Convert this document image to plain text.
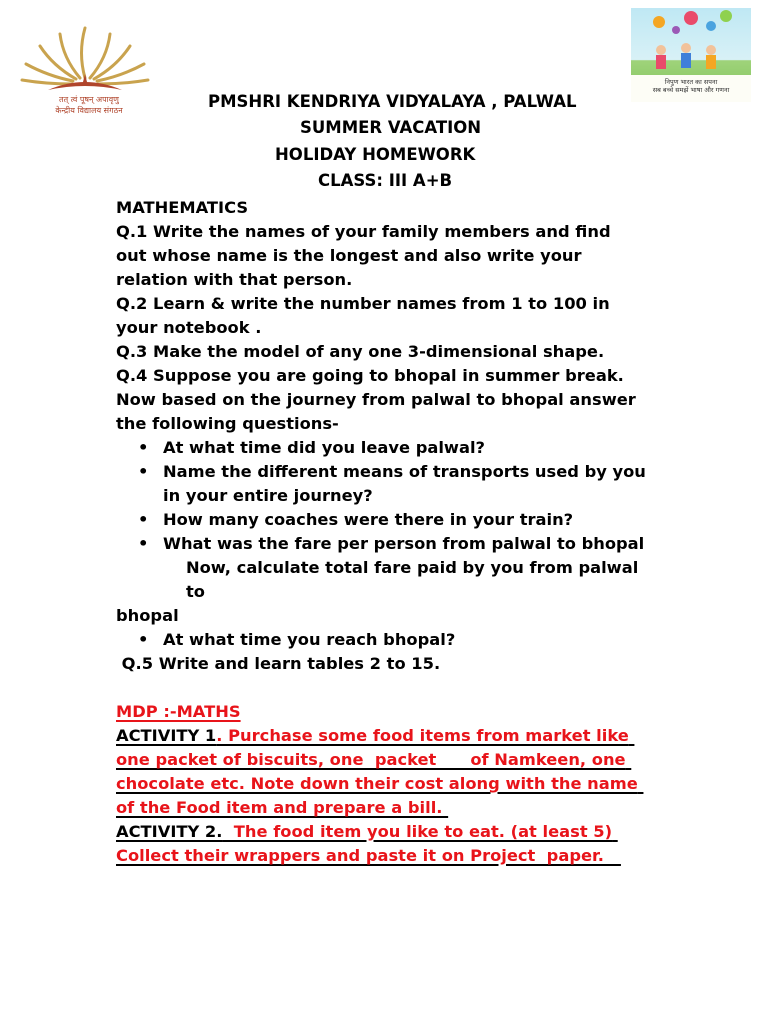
तत् त्वं पूषन् अपावृणु
केन्द्रीय विद्यालय संगठन
निपुण भारत का सपना
सब बच्चे समझें भाषा और गणना
PMSHRI KENDRIYA VIDYALAYA , PALWAL
SUMMER VACATION
HOLIDAY HOMEWORK
CLASS: III A+B

MATHEMATICS

Q.1 Write the names of your family members and find out whose name is the longest and also write your relation with that person.

Q.2 Learn & write the number names from 1 to 100 in your notebook .

Q.3 Make the model of any one 3-dimensional shape.

Q.4 Suppose you are going to bhopal in summer break. Now based on the journey from palwal to bhopal answer the following questions-

• At what time did you leave palwal?
• Name the different means of transports used by you in your entire journey?
• How many coaches were there in your train?
• What was the fare per person from palwal to bhopal

Now, calculate total fare paid by you from palwal to

bhopal

• At what time you reach bhopal?

Q.5 Write and learn tables 2 to 15.

MDP :-MATHS

ACTIVITY 1. Purchase some food items from market like one packet of biscuits, one  packet      of Namkeen, one chocolate etc. Note down their cost along with the name of the Food item and prepare a bill.

ACTIVITY 2.  The food item you like to eat. (at least 5) Collect their wrappers and paste it on Project  paper.
